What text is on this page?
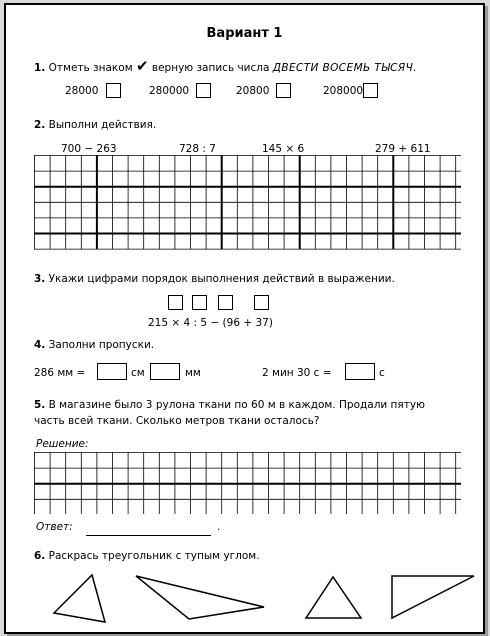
Вариант 1
1. Отметь знаком ✔ верную запись числа ДВЕСТИ ВОСЕМЬ ТЫСЯЧ.
28000	280000	20800	208000
2. Выполни действия.
700 − 263	728 : 7	145 × 6	279 + 611
3. Укажи цифрами порядок выполнения действий в выражении.
215 × 4 : 5 − (96 + 37)
4. Заполни пропуски.
286 мм =	см	мм	2 мин 30 с =	с
5. В магазине было 3 рулона ткани по 60 м в каждом. Продали пятую
часть всей ткани. Сколько метров ткани осталось?
Решение:
Ответ:	.
6. Раскрась треугольник с тупым углом.
